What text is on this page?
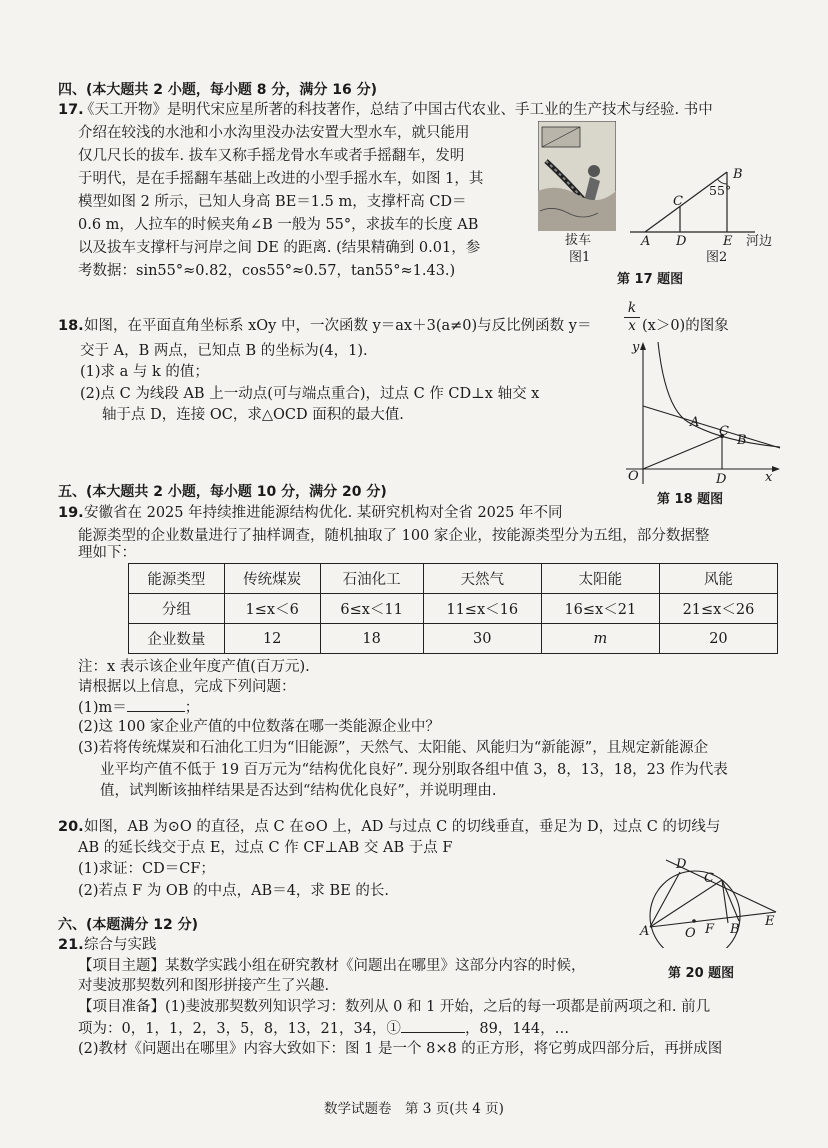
四、(本大题共 2 小题，每小题 8 分，满分 16 分)
17.
《天工开物》是明代宋应星所著的科技著作，总结了中国古代农业、手工业的生产技术与经验. 书中
介绍在较浅的水池和小水沟里没办法安置大型水车，就只能用
仅几尺长的拔车. 拔车又称手摇龙骨水车或者手摇翻车，发明
于明代，是在手摇翻车基础上改进的小型手摇水车，如图 1，其
模型如图 2 所示，已知人身高 BE＝1.5 m，支撑杆高 CD＝
0.6 m，人拉车的时候夹角∠B 一般为 55°，求拔车的长度 AB
以及拔车支撑杆与河岸之间 DE 的距离. (结果精确到 0.01，参
考数据：sin55°≈0.82，cos55°≈0.57，tan55°≈1.43.)
拔车
图1
B
55°
C
A D	E 河边
图2
第 17 题图
18. 如图，在平面直角坐标系 xOy 中，一次函数 y＝ax＋3(a≠0)与反比例函数 $y= \frac{k}{x} (x>0)$的图象
交于 A，B 两点，已知点 B 的坐标为(4，1).
(1)求 a 与 k 的值；
(2)点 C 为线段 AB 上一动点(可与端点重合)，过点 C 作 CD⊥x 轴交 x
轴于点 D，连接 OC，求△OCD 面积的最大值.
y
x
O
A
C
B
D
第 18 题图
五、(本大题共 2 小题，每小题 10 分，满分 20 分)
19. 安徽省在 2025 年持续推进能源结构优化. 某研究机构对全省 2025 年不同
能源类型的企业数量进行了抽样调查，随机抽取了 100 家企业，按能源类型分为五组，部分数据整
理如下：
能源类型	传统煤炭	石油化工	天然气	太阳能	风能
分组	1≤x＜6	6≤x＜11	11≤x＜16	16≤x＜21	21≤x＜26
企业数量	12	18	30	m	20
注：x 表示该企业年度产值(百万元).
请根据以上信息，完成下列问题：
(1)m＝	；
(2)这 100 家企业产值的中位数落在哪一类能源企业中？
(3)若将传统煤炭和石油化工归为“旧能源”，天然气、太阳能、风能归为“新能源”，且规定新能源企
业平均产值不低于 19 百万元为“结构优化良好”. 现分别取各组中值 3，8，13，18，23 作为代表
值，试判断该抽样结果是否达到“结构优化良好”，并说明理由.
20. 如图，AB 为⊙O 的直径，点 C 在⊙O 上，AD 与过点 C 的切线垂直，垂足为 D，过点 C 的切线与
AB 的延长线交于点 E，过点 C 作 CF⊥AB 交 AB 于点 F
(1)求证：CD＝CF；
(2)若点 F 为 OB 的中点，AB＝4，求 BE 的长.
D
C
E
A	O F B
第 20 题图
六、(本题满分 12 分)
21. 综合与实践
【项目主题】某数学实践小组在研究教材《问题出在哪里》这部分内容的时候，
对斐波那契数列和图形拼接产生了兴趣.
【项目准备】(1)斐波那契数列知识学习：数列从 0 和 1 开始，之后的每一项都是前两项之和. 前几
项为：0，1，1，2，3，5，8，13，21，34，①	，89，144，…
(2)教材《问题出在哪里》内容大致如下：图 1 是一个 8×8 的正方形，将它剪成四部分后，再拼成图
数学试题卷　第 3 页(共 4 页)
